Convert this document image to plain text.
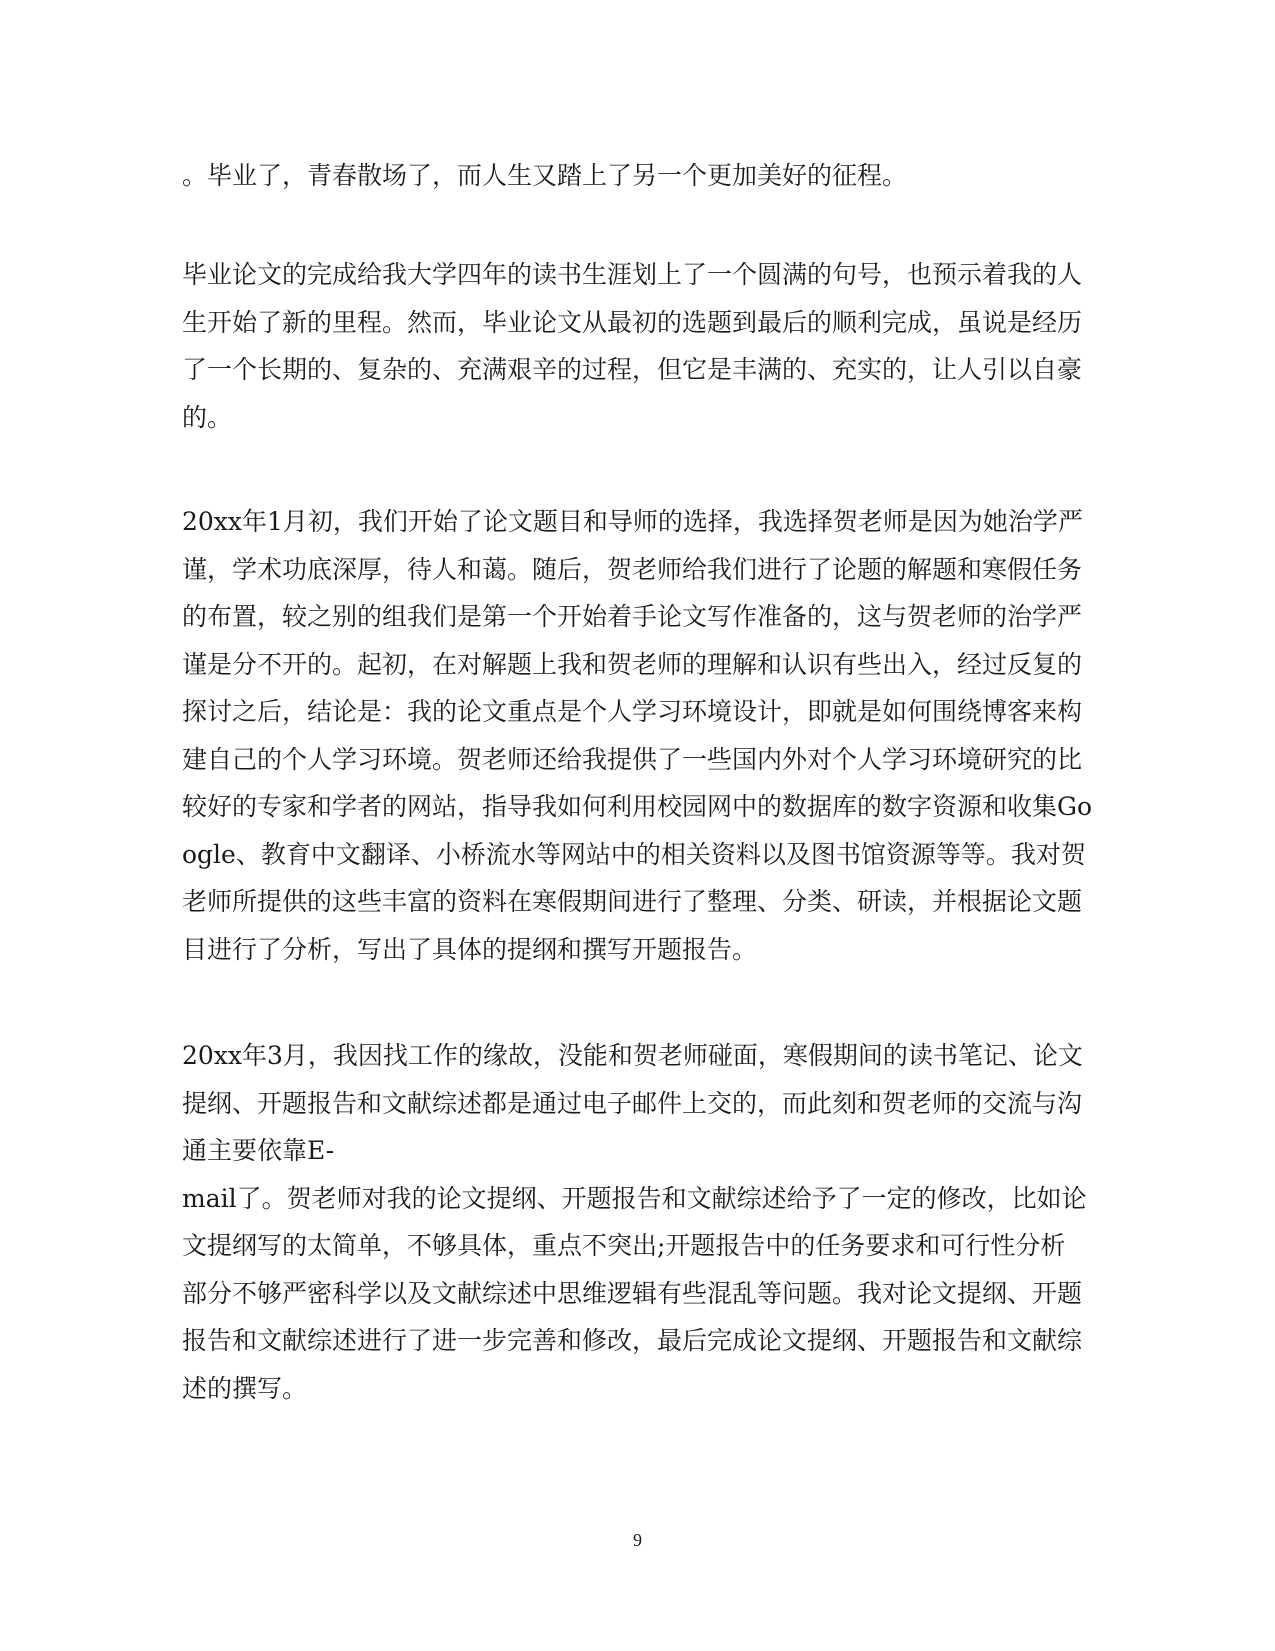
。毕业了，青春散场了，而人生又踏上了另一个更加美好的征程。

毕业论文的完成给我大学四年的读书生涯划上了一个圆满的句号，也预示着我的人
生开始了新的里程。然而，毕业论文从最初的选题到最后的顺利完成，虽说是经历
了一个长期的、复杂的、充满艰辛的过程，但它是丰满的、充实的，让人引以自豪
的。

20xx年1月初，我们开始了论文题目和导师的选择，我选择贺老师是因为她治学严
谨，学术功底深厚，待人和蔼。随后，贺老师给我们进行了论题的解题和寒假任务
的布置，较之别的组我们是第一个开始着手论文写作准备的，这与贺老师的治学严
谨是分不开的。起初，在对解题上我和贺老师的理解和认识有些出入，经过反复的
探讨之后，结论是：我的论文重点是个人学习环境设计，即就是如何围绕博客来构
建自己的个人学习环境。贺老师还给我提供了一些国内外对个人学习环境研究的比
较好的专家和学者的网站，指导我如何利用校园网中的数据库的数字资源和收集Go
ogle、教育中文翻译、小桥流水等网站中的相关资料以及图书馆资源等等。我对贺
老师所提供的这些丰富的资料在寒假期间进行了整理、分类、研读，并根据论文题
目进行了分析，写出了具体的提纲和撰写开题报告。

20xx年3月，我因找工作的缘故，没能和贺老师碰面，寒假期间的读书笔记、论文
提纲、开题报告和文献综述都是通过电子邮件上交的，而此刻和贺老师的交流与沟
通主要依靠E-
mail了。贺老师对我的论文提纲、开题报告和文献综述给予了一定的修改，比如论
文提纲写的太简单，不够具体，重点不突出;开题报告中的任务要求和可行性分析
部分不够严密科学以及文献综述中思维逻辑有些混乱等问题。我对论文提纲、开题
报告和文献综述进行了进一步完善和修改，最后完成论文提纲、开题报告和文献综
述的撰写。

9
